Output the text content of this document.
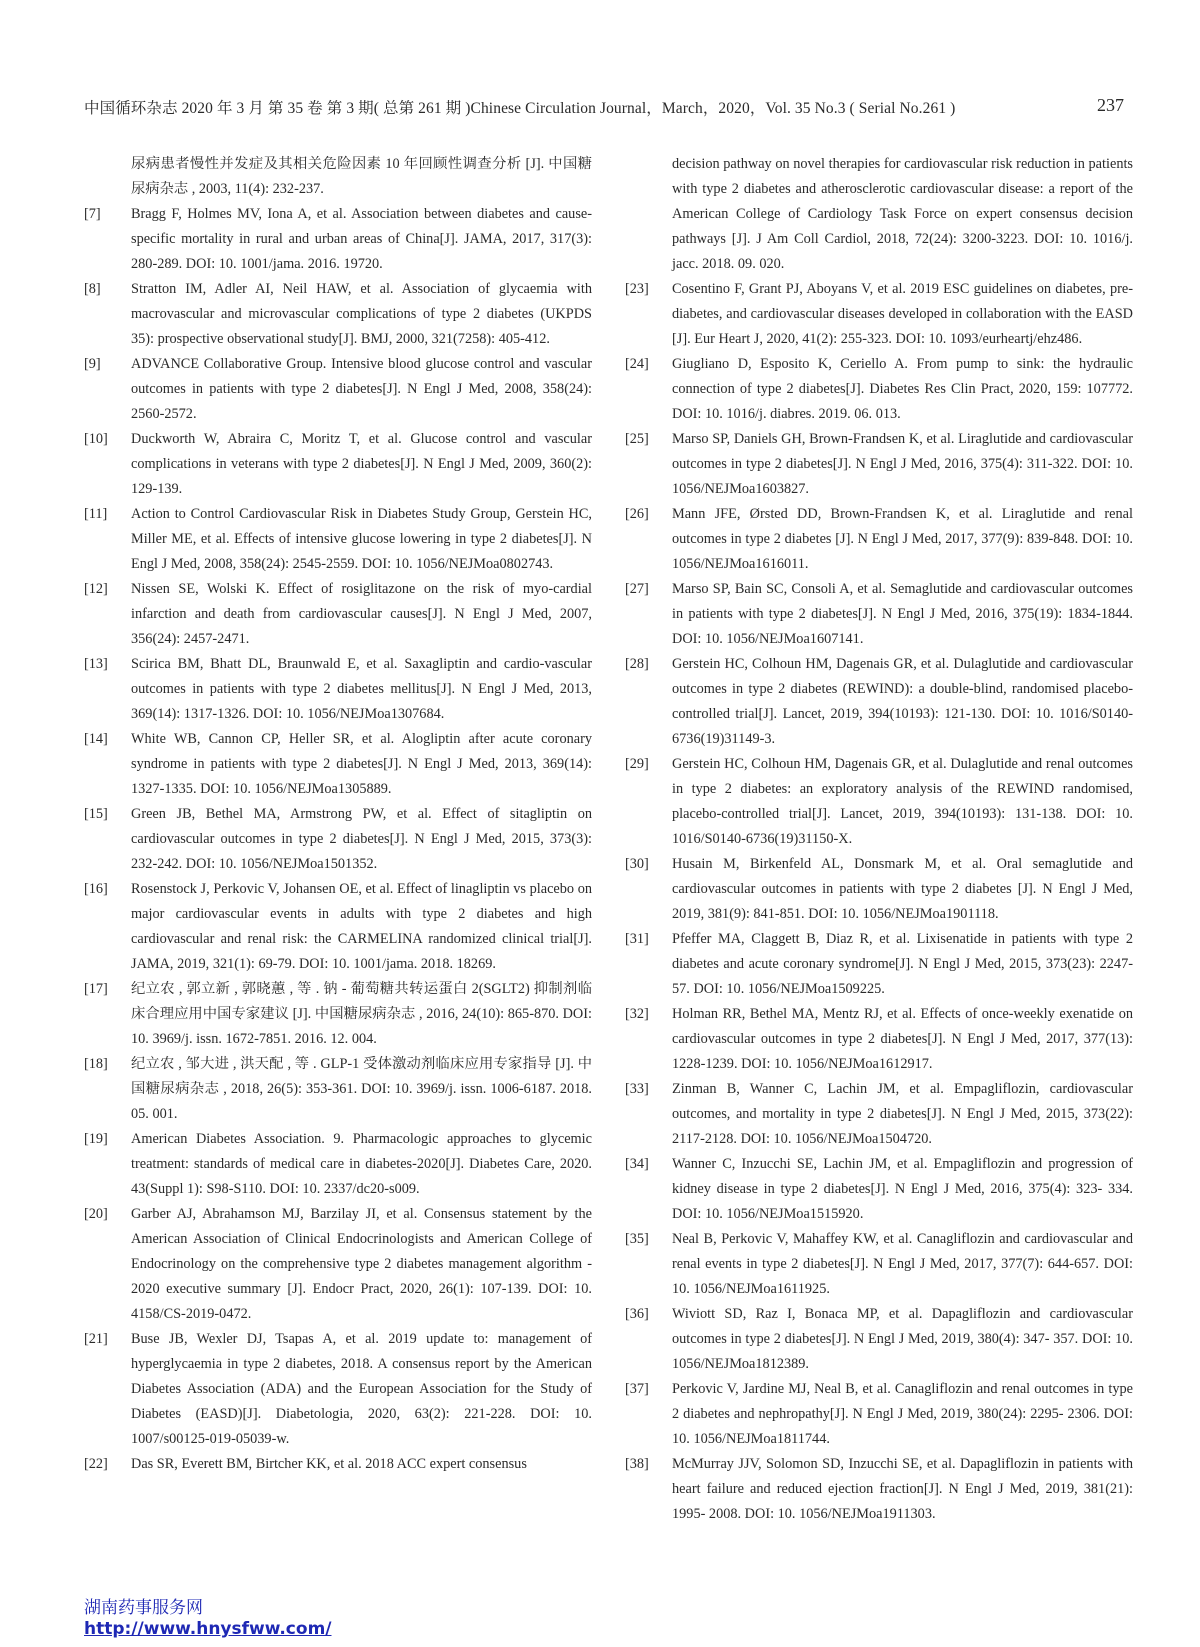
中国循环杂志 2020 年 3 月 第 35 卷 第 3 期( 总第 261 期 )Chinese Circulation Journal，March，2020，Vol. 35 No.3 ( Serial No.261 )	237

尿病患者慢性并发症及其相关危险因素 10 年回顾性调查分析 [J]. 中国糖尿病杂志 , 2003, 11(4): 232-237.

[7] Bragg F, Holmes MV, Iona A, et al. Association between diabetes and cause-specific mortality in rural and urban areas of China[J]. JAMA, 2017, 317(3): 280-289. DOI: 10. 1001/jama. 2016. 19720.

[8] Stratton IM, Adler AI, Neil HAW, et al. Association of glycaemia with macrovascular and microvascular complications of type 2 diabetes (UKPDS 35): prospective observational study[J]. BMJ, 2000, 321(7258): 405-412.

[9] ADVANCE Collaborative Group. Intensive blood glucose control and vascular outcomes in patients with type 2 diabetes[J]. N Engl J Med, 2008, 358(24): 2560-2572.

[10] Duckworth W, Abraira C, Moritz T, et al. Glucose control and vascular complications in veterans with type 2 diabetes[J]. N Engl J Med, 2009, 360(2): 129-139.

[11] Action to Control Cardiovascular Risk in Diabetes Study Group, Gerstein HC, Miller ME, et al. Effects of intensive glucose lowering in type 2 diabetes[J]. N Engl J Med, 2008, 358(24): 2545-2559. DOI: 10. 1056/NEJMoa0802743.

[12] Nissen SE, Wolski K. Effect of rosiglitazone on the risk of myo-cardial infarction and death from cardiovascular causes[J]. N Engl J Med, 2007, 356(24): 2457-2471.

[13] Scirica BM, Bhatt DL, Braunwald E, et al. Saxagliptin and cardio-vascular outcomes in patients with type 2 diabetes mellitus[J]. N Engl J Med, 2013, 369(14): 1317-1326. DOI: 10. 1056/NEJMoa1307684.

[14] White WB, Cannon CP, Heller SR, et al. Alogliptin after acute coronary syndrome in patients with type 2 diabetes[J]. N Engl J Med, 2013, 369(14): 1327-1335. DOI: 10. 1056/NEJMoa1305889.

[15] Green JB, Bethel MA, Armstrong PW, et al. Effect of sitagliptin on cardiovascular outcomes in type 2 diabetes[J]. N Engl J Med, 2015, 373(3): 232-242. DOI: 10. 1056/NEJMoa1501352.

[16] Rosenstock J, Perkovic V, Johansen OE, et al. Effect of linagliptin vs placebo on major cardiovascular events in adults with type 2 diabetes and high cardiovascular and renal risk: the CARMELINA randomized clinical trial[J]. JAMA, 2019, 321(1): 69-79. DOI: 10. 1001/jama. 2018. 18269.

[17] 纪立农 , 郭立新 , 郭晓蕙 , 等 . 钠 - 葡萄糖共转运蛋白 2(SGLT2) 抑制剂临床合理应用中国专家建议 [J]. 中国糖尿病杂志 , 2016, 24(10): 865-870. DOI: 10. 3969/j. issn. 1672-7851. 2016. 12. 004.

[18] 纪立农 , 邹大进 , 洪天配 , 等 . GLP-1 受体激动剂临床应用专家指导 [J]. 中国糖尿病杂志 , 2018, 26(5): 353-361. DOI: 10. 3969/j. issn. 1006-6187. 2018. 05. 001.

[19] American Diabetes Association. 9. Pharmacologic approaches to glycemic treatment: standards of medical care in diabetes-2020[J]. Diabetes Care, 2020. 43(Suppl 1): S98-S110. DOI: 10. 2337/dc20-s009.

[20] Garber AJ, Abrahamson MJ, Barzilay JI, et al. Consensus statement by the American Association of Clinical Endocrinologists and American College of Endocrinology on the comprehensive type 2 diabetes management algorithm - 2020 executive summary [J]. Endocr Pract, 2020, 26(1): 107-139. DOI: 10. 4158/CS-2019-0472.

[21] Buse JB, Wexler DJ, Tsapas A, et al. 2019 update to: management of hyperglycaemia in type 2 diabetes, 2018. A consensus report by the American Diabetes Association (ADA) and the European Association for the Study of Diabetes (EASD)[J]. Diabetologia, 2020, 63(2): 221-228. DOI: 10. 1007/s00125-019-05039-w.

[22] Das SR, Everett BM, Birtcher KK, et al. 2018 ACC expert consensus

decision pathway on novel therapies for cardiovascular risk reduction in patients with type 2 diabetes and atherosclerotic cardiovascular disease: a report of the American College of Cardiology Task Force on expert consensus decision pathways [J]. J Am Coll Cardiol, 2018, 72(24): 3200-3223. DOI: 10. 1016/j. jacc. 2018. 09. 020.

[23] Cosentino F, Grant PJ, Aboyans V, et al. 2019 ESC guidelines on diabetes, pre-diabetes, and cardiovascular diseases developed in collaboration with the EASD [J]. Eur Heart J, 2020, 41(2): 255-323. DOI: 10. 1093/eurheartj/ehz486.

[24] Giugliano D, Esposito K, Ceriello A. From pump to sink: the hydraulic connection of type 2 diabetes[J]. Diabetes Res Clin Pract, 2020, 159: 107772. DOI: 10. 1016/j. diabres. 2019. 06. 013.

[25] Marso SP, Daniels GH, Brown-Frandsen K, et al. Liraglutide and cardiovascular outcomes in type 2 diabetes[J]. N Engl J Med, 2016, 375(4): 311-322. DOI: 10. 1056/NEJMoa1603827.

[26] Mann JFE, Ørsted DD, Brown-Frandsen K, et al. Liraglutide and renal outcomes in type 2 diabetes [J]. N Engl J Med, 2017, 377(9): 839-848. DOI: 10. 1056/NEJMoa1616011.

[27] Marso SP, Bain SC, Consoli A, et al. Semaglutide and cardiovascular outcomes in patients with type 2 diabetes[J]. N Engl J Med, 2016, 375(19): 1834-1844. DOI: 10. 1056/NEJMoa1607141.

[28] Gerstein HC, Colhoun HM, Dagenais GR, et al. Dulaglutide and cardiovascular outcomes in type 2 diabetes (REWIND): a double-blind, randomised placebo-controlled trial[J]. Lancet, 2019, 394(10193): 121-130. DOI: 10. 1016/S0140-6736(19)31149-3.

[29] Gerstein HC, Colhoun HM, Dagenais GR, et al. Dulaglutide and renal outcomes in type 2 diabetes: an exploratory analysis of the REWIND randomised, placebo-controlled trial[J]. Lancet, 2019, 394(10193): 131-138. DOI: 10. 1016/S0140-6736(19)31150-X.

[30] Husain M, Birkenfeld AL, Donsmark M, et al. Oral semaglutide and cardiovascular outcomes in patients with type 2 diabetes [J]. N Engl J Med, 2019, 381(9): 841-851. DOI: 10. 1056/NEJMoa1901118.

[31] Pfeffer MA, Claggett B, Diaz R, et al. Lixisenatide in patients with type 2 diabetes and acute coronary syndrome[J]. N Engl J Med, 2015, 373(23): 2247-57. DOI: 10. 1056/NEJMoa1509225.

[32] Holman RR, Bethel MA, Mentz RJ, et al. Effects of once-weekly exenatide on cardiovascular outcomes in type 2 diabetes[J]. N Engl J Med, 2017, 377(13): 1228-1239. DOI: 10. 1056/NEJMoa1612917.

[33] Zinman B, Wanner C, Lachin JM, et al. Empagliflozin, cardiovascular outcomes, and mortality in type 2 diabetes[J]. N Engl J Med, 2015, 373(22): 2117-2128. DOI: 10. 1056/NEJMoa1504720.

[34] Wanner C, Inzucchi SE, Lachin JM, et al. Empagliflozin and progression of kidney disease in type 2 diabetes[J]. N Engl J Med, 2016, 375(4): 323- 334. DOI: 10. 1056/NEJMoa1515920.

[35] Neal B, Perkovic V, Mahaffey KW, et al. Canagliflozin and cardiovascular and renal events in type 2 diabetes[J]. N Engl J Med, 2017, 377(7): 644-657. DOI: 10. 1056/NEJMoa1611925.

[36] Wiviott SD, Raz I, Bonaca MP, et al. Dapagliflozin and cardiovascular outcomes in type 2 diabetes[J]. N Engl J Med, 2019, 380(4): 347- 357. DOI: 10. 1056/NEJMoa1812389.

[37] Perkovic V, Jardine MJ, Neal B, et al. Canagliflozin and renal outcomes in type 2 diabetes and nephropathy[J]. N Engl J Med, 2019, 380(24): 2295- 2306. DOI: 10. 1056/NEJMoa1811744.

[38] McMurray JJV, Solomon SD, Inzucchi SE, et al. Dapagliflozin in patients with heart failure and reduced ejection fraction[J]. N Engl J Med, 2019, 381(21): 1995- 2008. DOI: 10. 1056/NEJMoa1911303.

湖南药事服务网
http://www.hnysfww.com/
